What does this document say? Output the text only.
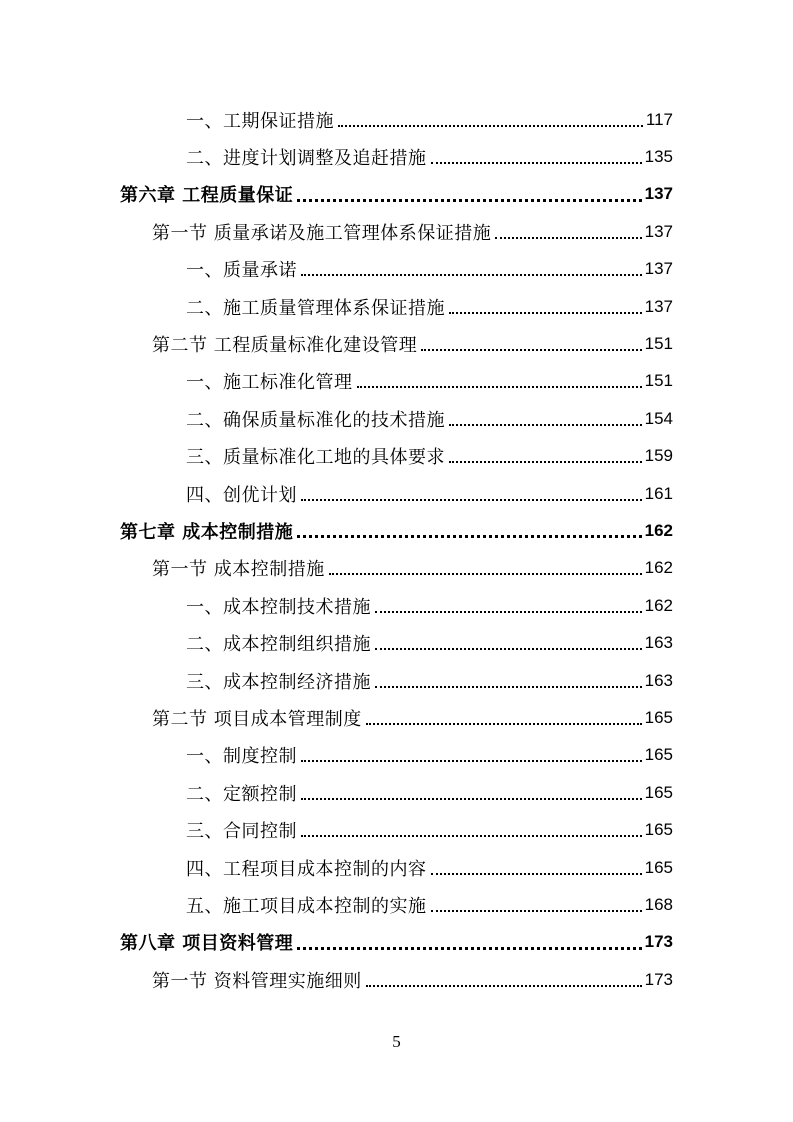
一、工期保证措施	117
二、进度计划调整及追赶措施	135
第六章 工程质量保证	137
第一节 质量承诺及施工管理体系保证措施	137
一、质量承诺	137
二、施工质量管理体系保证措施	137
第二节 工程质量标准化建设管理	151
一、施工标准化管理	151
二、确保质量标准化的技术措施	154
三、质量标准化工地的具体要求	159
四、创优计划	161
第七章 成本控制措施	162
第一节 成本控制措施	162
一、成本控制技术措施	162
二、成本控制组织措施	163
三、成本控制经济措施	163
第二节 项目成本管理制度	165
一、制度控制	165
二、定额控制	165
三、合同控制	165
四、工程项目成本控制的内容	165
五、施工项目成本控制的实施	168
第八章 项目资料管理	173
第一节 资料管理实施细则	173
5
